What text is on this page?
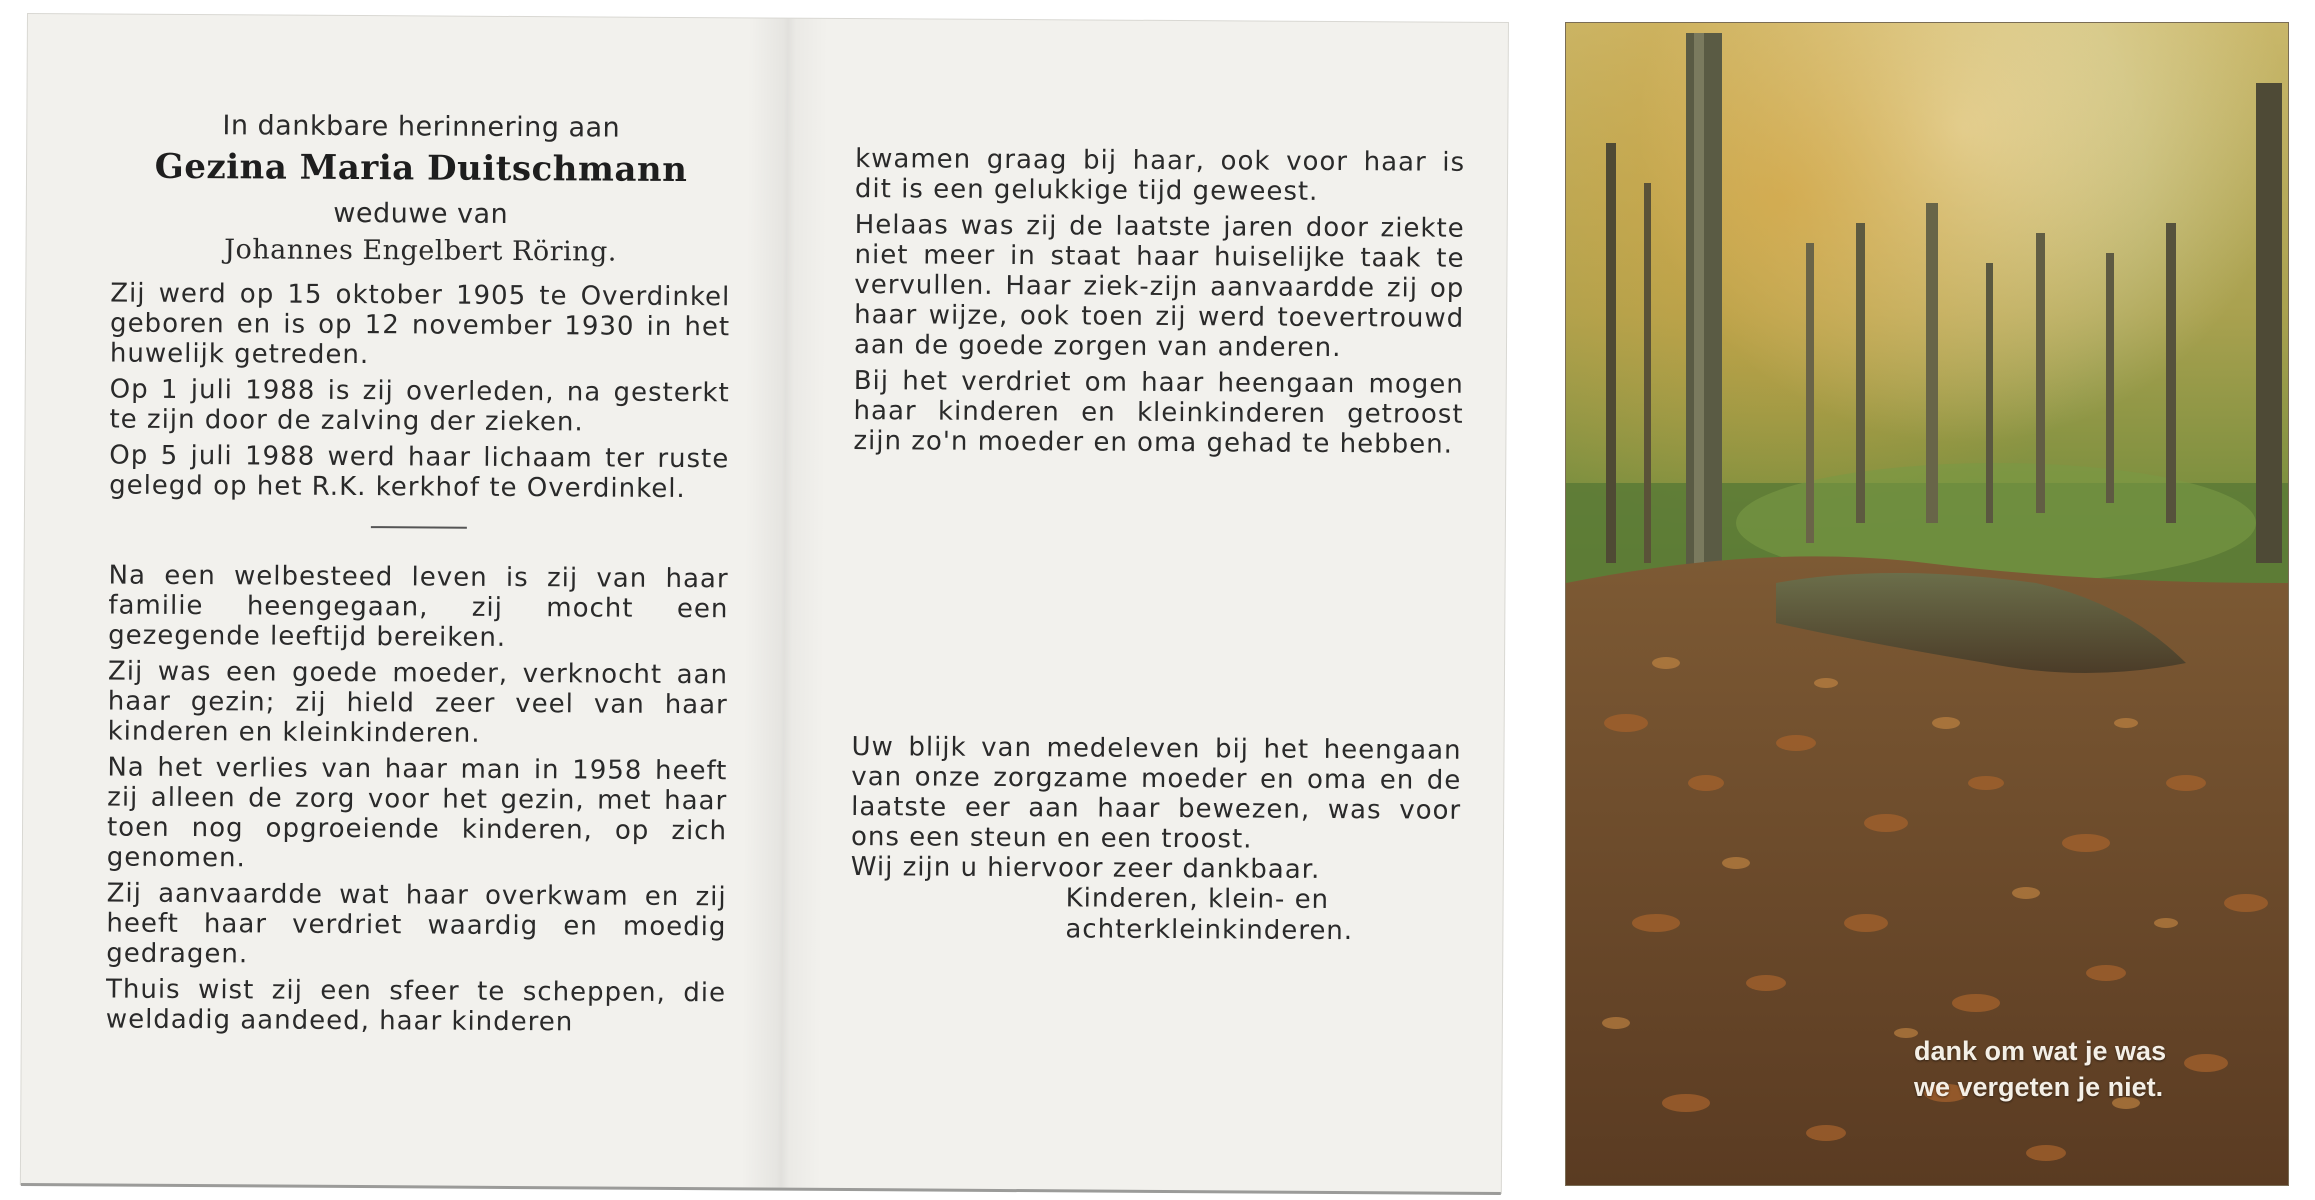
In dankbare herinnering aan
Gezina Maria Duitschmann
weduwe van
Johannes Engelbert Röring.

Zij werd op 15 oktober 1905 te Overdinkel geboren en is op 12 november 1930 in het huwelijk getreden.

Op 1 juli 1988 is zij overleden, na gesterkt te zijn door de zalving der zieken.

Op 5 juli 1988 werd haar lichaam ter ruste gelegd op het R.K. kerkhof te Overdinkel.

Na een welbesteed leven is zij van haar familie heengegaan, zij mocht een gezegende leeftijd bereiken.

Zij was een goede moeder, verknocht aan haar gezin; zij hield zeer veel van haar kinderen en kleinkinderen.

Na het verlies van haar man in 1958 heeft zij alleen de zorg voor het gezin, met haar toen nog opgroeiende kinderen, op zich genomen.

Zij aanvaardde wat haar overkwam en zij heeft haar verdriet waardig en moedig gedragen.

Thuis wist zij een sfeer te scheppen, die weldadig aandeed, haar kinderen

kwamen graag bij haar, ook voor haar is dit is een gelukkige tijd geweest.

Helaas was zij de laatste jaren door ziekte niet meer in staat haar huiselijke taak te vervullen. Haar ziek-zijn aanvaardde zij op haar wijze, ook toen zij werd toevertrouwd aan de goede zorgen van anderen.

Bij het verdriet om haar heengaan mogen haar kinderen en kleinkinderen getroost zijn zo'n moeder en oma gehad te hebben.

Uw blijk van medeleven bij het heengaan van onze zorgzame moeder en oma en de laatste eer aan haar bewezen, was voor ons een steun en een troost.

Wij zijn u hiervoor zeer dankbaar.

Kinderen, klein- en
achterkleinkinderen.
dank om wat je was
we vergeten je niet.
